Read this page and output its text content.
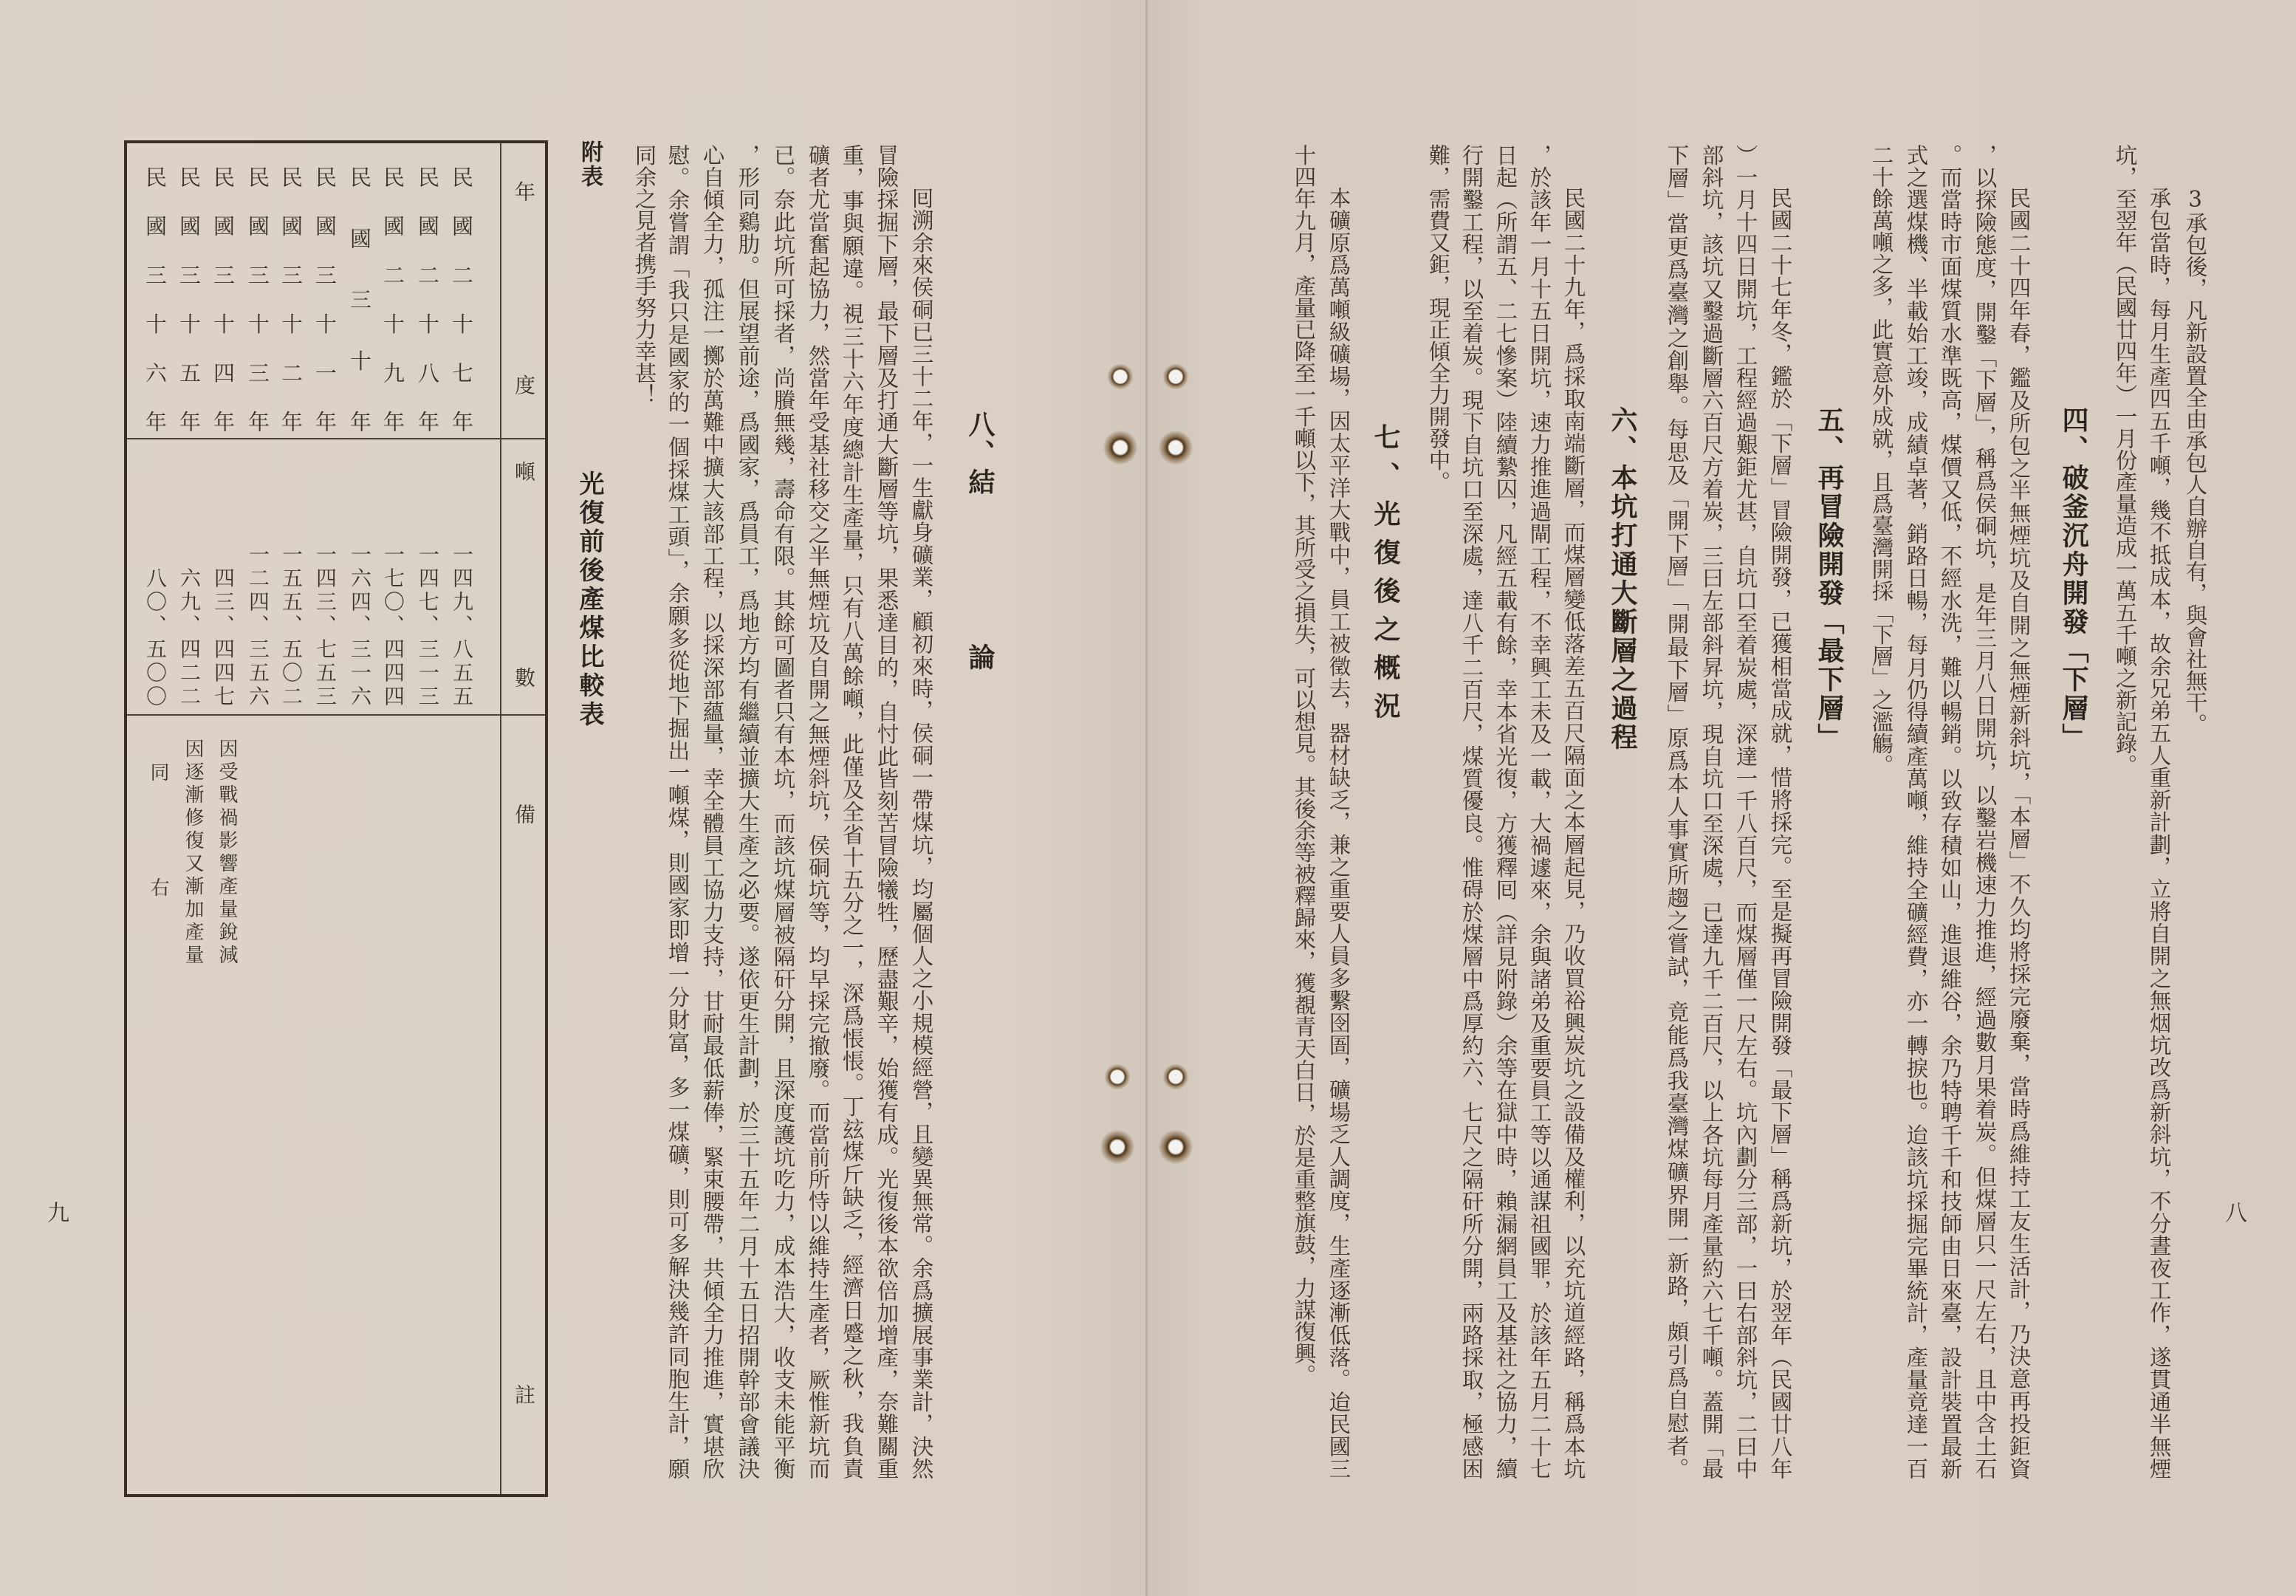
八、結
論
囘溯余來侯硐已三十二年，一生獻身礦業，顧初來時，侯硐一帶煤坑，均屬個人之小規模經營，且變異無常。余爲擴展事業計，決然
冒險採掘下層，最下層及打通大斷層等坑，果悉達目的，自忖此皆刻苦冒險犧牲，歷盡艱辛，始獲有成。光復後本欲倍加增產，奈難關重
重，事與願違。視三十六年度總計生產量，只有八萬餘噸，此僅及全省十五分之一，深爲悵悵。丁玆煤斤缺乏，經濟日蹙之秋，我負責
礦者尤當奮起協力，然當年受基社移交之半無煙坑及自開之無煙斜坑，侯硐坑等，均早採完撤廢。而當前所恃以維持生產者，厥惟新坑而
已。奈此坑所可採者，尚賸無幾，壽命有限。其餘可圖者只有本坑，而該坑煤層被隔矸分開，且深度護坑吃力，成本浩大，收支未能平衡
，形同鷄肋。但展望前途，爲國家，爲員工，爲地方均有繼續並擴大生產之必要。遂依更生計劃，於三十五年二月十五日招開幹部會議決
心自傾全力，孤注一擲於萬難中擴大該部工程，以採深部蘊量，幸全體員工協力支持，甘耐最低薪俸，緊束腰帶，共傾全力推進，實堪欣
慰。余嘗謂「我只是國家的一個採煤工頭」，余願多從地下掘出一噸煤，則國家即增一分財富，多一煤礦，則可多解決幾許同胞生計，願
同余之見者携手努力幸甚！
附表
光復前後產煤比較表
年度
噸數
備註
民國二十七年
一四九、八五五
民國二十八年
一四七、三一三
民國二十九年
一七〇、四四四
民國三十年
一六四、三一六
民國三十一年
一四三、七五三
民國三十二年
一五五、五〇二
民國三十三年
一二四、三五六
民國三十四年
四三、四四七
因受戰禍影響產量銳減
民國三十五年
六九、四二二
因逐漸修復又漸加產量
民國三十六年
八〇、五〇〇
同右
九
3承包後，凡新設置全由承包人自辦自有，與會社無干。
承包當時，每月生產四五千噸，幾不抵成本，故余兄弟五人重新計劃，立將自開之無烟坑改爲新斜坑，不分晝夜工作，遂貫通半無煙
坑，至翌年（民國廿四年）一月份產量造成一萬五千噸之新記錄。
四、破釜沉舟開發「下層」
民國二十四年春，鑑及所包之半無煙坑及自開之無煙新斜坑，「本層」不久均將採完廢棄，當時爲維持工友生活計，乃決意再投鉅資
，以探險態度，開鑿「下層」，稱爲侯硐坑，是年三月八日開坑，以鑿岩機速力推進，經過數月果着炭。但煤層只一尺左右，且中含土石
。而當時市面煤質水準既高，煤價又低，不經水洗，難以暢銷。以致存積如山，進退維谷，余乃特聘千千和技師由日來臺，設計裝置最新
式之選煤機、半載始工竣，成績卓著，銷路日暢，每月仍得續產萬噸，維持全礦經費，亦一轉捩也。迨該坑採掘完畢統計，產量竟達一百
二十餘萬噸之多，此實意外成就，且爲臺灣開採「下層」之濫觴。
五、再冒險開發「最下層」
民國二十七年冬，鑑於「下層」冒險開發，已獲相當成就，惜將採完。至是擬再冒險開發「最下層」稱爲新坑，於翌年（民國廿八年
）一月十四日開坑，工程經過艱鉅尤甚，自坑口至着炭處，深達一千八百尺，而煤層僅一尺左右。坑內劃分三部，一曰右部斜坑，二曰中
部斜坑，該坑又鑿過斷層六百尺方着炭，三曰左部斜昇坑，現自坑口至深處，已達九千二百尺，以上各坑每月產量約六七千噸。蓋開「最
下層」當更爲臺灣之創舉。每思及「開下層」「開最下層」原爲本人事實所趨之嘗試，竟能爲我臺灣煤礦界開一新路，頗引爲自慰者。
六、本坑打通大斷層之過程
民國二十九年，爲採取南端斷層，而煤層變低落差五百尺隔面之本層起見，乃收買裕興炭坑之設備及權利，以充坑道經路，稱爲本坑
，於該年一月十五日開坑，速力推進過閘工程，不幸興工未及一載，大禍遽來，余與諸弟及重要員工等以通謀祖國罪，於該年五月二十七
日起（所謂五、二七慘案）陸續縶囚，凡經五載有餘，幸本省光復，方獲釋囘（詳見附錄）余等在獄中時，賴漏網員工及基社之協力，續
行開鑿工程，以至着炭。現下自坑口至深處，達八千二百尺，煤質優良。惟碍於煤層中爲厚約六、七尺之隔矸所分開，兩路採取，極感困
難，需費又鉅，現正傾全力開發中。
七、光復後之概況
本礦原爲萬噸級礦場，因太平洋大戰中，員工被徵去，器材缺乏，兼之重要人員多繫囹圄，礦場乏人調度，生產逐漸低落。迨民國三
十四年九月，產量已降至一千噸以下，其所受之損失，可以想見。其後余等被釋歸來，獲覩青天白日，於是重整旗鼓，力謀復興。	八
